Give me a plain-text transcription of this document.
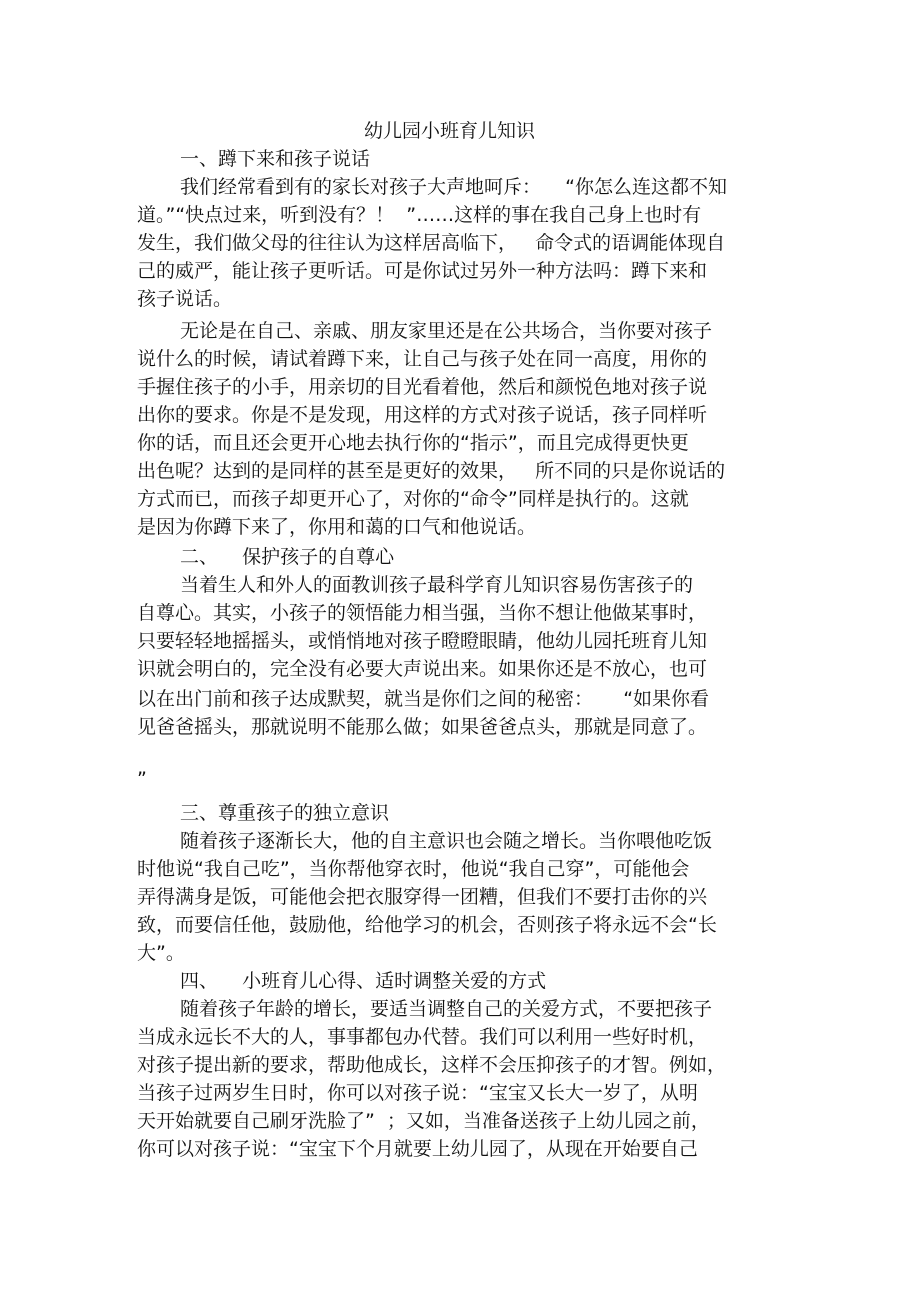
幼儿园小班育儿知识

一、蹲下来和孩子说话

我们经常看到有的家长对孩子大声地呵斥：    “你怎么连这都不知

道。”“快点过来，听到没有？！  ”……这样的事在我自己身上也时有

发生，我们做父母的往往认为这样居高临下，   命令式的语调能体现自

己的威严，能让孩子更听话。可是你试过另外一种方法吗：蹲下来和

孩子说话。

无论是在自己、亲戚、朋友家里还是在公共场合，当你要对孩子

说什么的时候，请试着蹲下来，让自己与孩子处在同一高度，用你的

手握住孩子的小手，用亲切的目光看着他，然后和颜悦色地对孩子说

出你的要求。你是不是发现，用这样的方式对孩子说话，孩子同样听

你的话，而且还会更开心地去执行你的“指示”，而且完成得更快更

出色呢？达到的是同样的甚至是更好的效果，   所不同的只是你说话的

方式而已，而孩子却更开心了，对你的“命令”同样是执行的。这就

是因为你蹲下来了，你用和蔼的口气和他说话。

二、    保护孩子的自尊心

当着生人和外人的面教训孩子最科学育儿知识容易伤害孩子的

自尊心。其实，小孩子的领悟能力相当强，当你不想让他做某事时，

只要轻轻地摇摇头，或悄悄地对孩子瞪瞪眼睛，他幼儿园托班育儿知

识就会明白的，完全没有必要大声说出来。如果你还是不放心，也可

以在出门前和孩子达成默契，就当是你们之间的秘密：     “如果你看

见爸爸摇头，那就说明不能那么做；如果爸爸点头，那就是同意了。

”

三、尊重孩子的独立意识

随着孩子逐渐长大，他的自主意识也会随之增长。当你喂他吃饭

时他说“我自己吃”，当你帮他穿衣时，他说“我自己穿”，可能他会

弄得满身是饭，可能他会把衣服穿得一团糟，但我们不要打击你的兴

致，而要信任他，鼓励他，给他学习的机会，否则孩子将永远不会“长

大”。

四、    小班育儿心得、适时调整关爱的方式

随着孩子年龄的增长，要适当调整自己的关爱方式，不要把孩子

当成永远长不大的人，事事都包办代替。我们可以利用一些好时机，

对孩子提出新的要求，帮助他成长，这样不会压抑孩子的才智。例如，

当孩子过两岁生日时，你可以对孩子说：“宝宝又长大一岁了，从明

天开始就要自己刷牙洗脸了”  ；又如，当准备送孩子上幼儿园之前，

你可以对孩子说：“宝宝下个月就要上幼儿园了，从现在开始要自己
